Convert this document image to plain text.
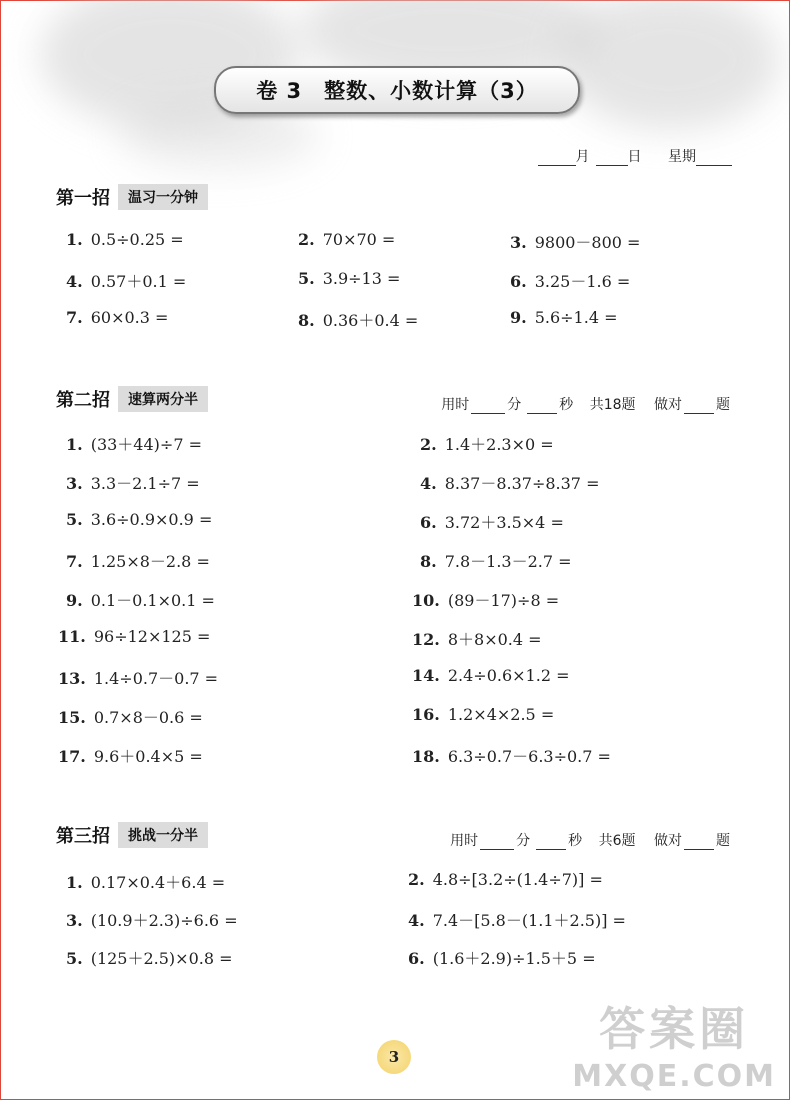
卷 3 整数、小数计算（3）
月	日 星期
第一招	温习一分钟
1. 0.5÷0.25 =	2. 70×70 =	3. 9800－800 =
4. 0.57＋0.1 =	5. 3.9÷13 =	6. 3.25－1.6 =
7. 60×0.3 =	8. 0.36＋0.4 =	9. 5.6÷1.4 =
第二招	速算两分半	用时	分	秒 共18题 做对 题
1. (33＋44)÷7 =	2. 1.4＋2.3×0 =
3. 3.3－2.1÷7 =	4. 8.37－8.37÷8.37 =
5. 3.6÷0.9×0.9 =	6. 3.72＋3.5×4 =
7. 1.25×8－2.8 =	8. 7.8－1.3－2.7 =
9. 0.1－0.1×0.1 =	10. (89－17)÷8 =
11. 96÷12×125 =	12. 8＋8×0.4 =
13. 1.4÷0.7－0.7 =	14. 2.4÷0.6×1.2 =
15. 0.7×8－0.6 =	16. 1.2×4×2.5 =
17. 9.6＋0.4×5 =	18. 6.3÷0.7－6.3÷0.7 =
第三招	挑战一分半	用时	分	秒 共6题 做对 题
1. 0.17×0.4＋6.4 =	2. 4.8÷[3.2÷(1.4÷7)] =
3. (10.9＋2.3)÷6.6 =	4. 7.4－[5.8－(1.1＋2.5)] =
5. (125＋2.5)×0.8 =	6. (1.6＋2.9)÷1.5＋5 =
3
答案圈
MXQE.COM
